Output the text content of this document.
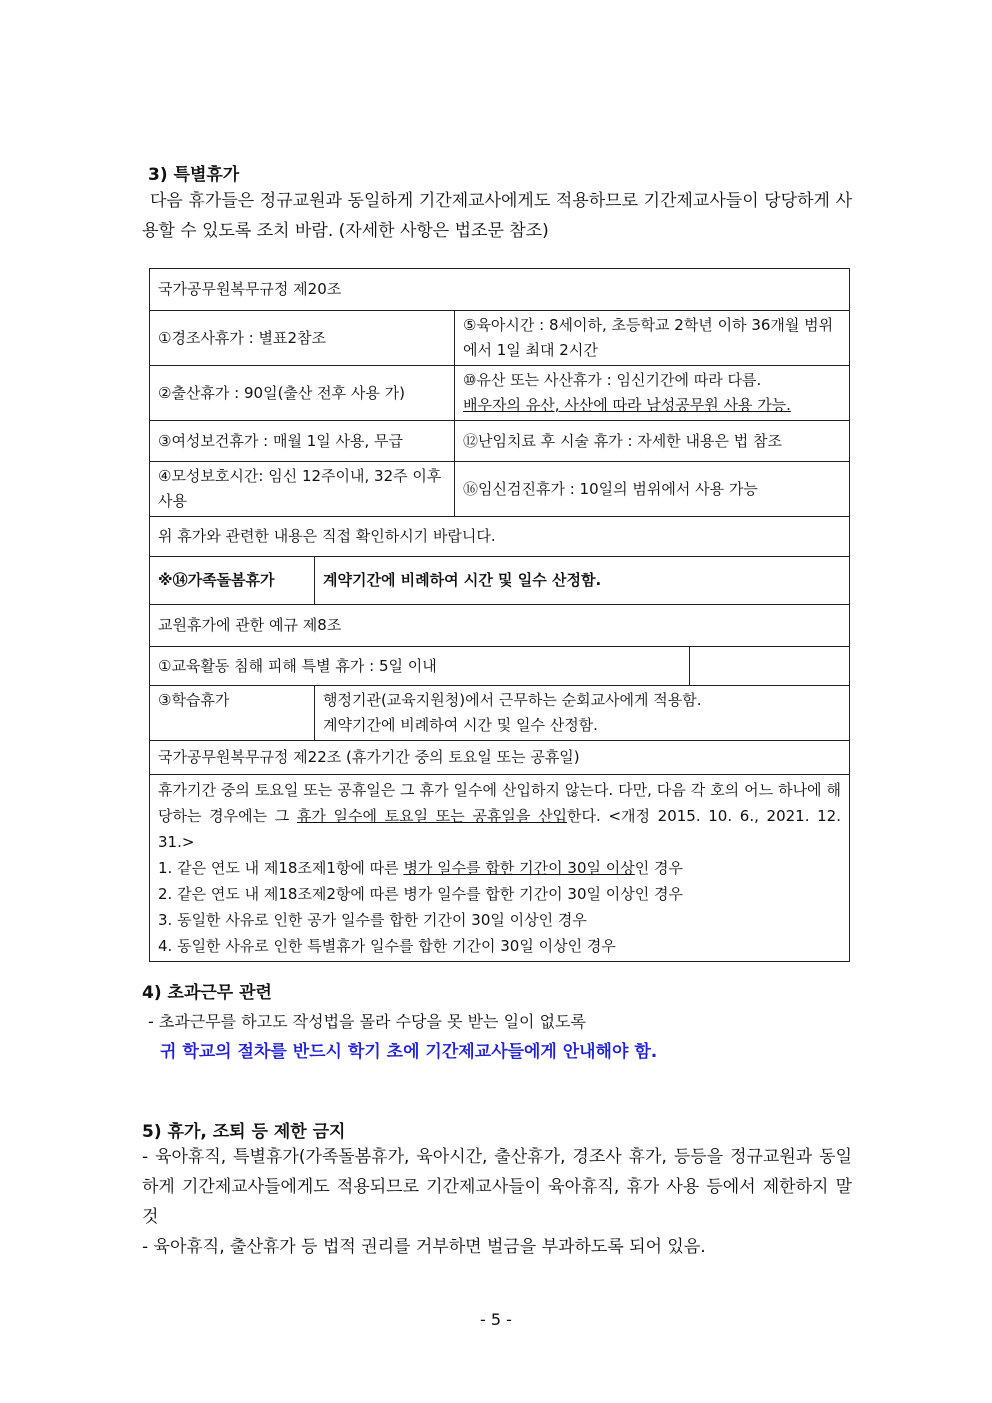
3) 특별휴가
다음 휴가들은 정규교원과 동일하게 기간제교사에게도 적용하므로 기간제교사들이 당당하게 사용할 수 있도록 조치 바람. (자세한 사항은 법조문 참조)
국가공무원복무규정 제20조			
①경조사휴가 : 별표2참조		⑤육아시간 : 8세이하, 초등학교 2학년 이하 36개월 범위에서 1일 최대 2시간	
②출산휴가 : 90일(출산 전후 사용 가)		⑩유산 또는 사산휴가 : 임신기간에 따라 다름.
배우자의 유산, 사산에 따라 남성공무원 사용 가능.	

③여성보건휴가 : 매월 1일 사용, 무급		⑫난임치료 후 시술 휴가 : 자세한 내용은 법 참조	
④모성보호시간: 임신 12주이내, 32주 이후 사용		⑯임신검진휴가 : 10일의 범위에서 사용 가능	
위 휴가와 관련한 내용은 직접 확인하시기 바랍니다.			
※⑭가족돌봄휴가	계약기간에 비례하여 시간 및 일수 산정함.		
교원휴가에 관한 예규 제8조			
①교육활동 침해 피해 특별 휴가 : 5일 이내			
③학습휴가	행정기관(교육지원청)에서 근무하는 순회교사에게 적용함.
계약기간에 비례하여 시간 및 일수 산정함.		

국가공무원복무규정 제22조 (휴가기간 중의 토요일 또는 공휴일)			

휴가기간 중의 토요일 또는 공휴일은 그 휴가 일수에 산입하지 않는다. 다만, 다음 각 호의 어느 하나에 해당하는 경우에는 그 휴가 일수에 토요일 또는 공휴일을 산입한다. <개정 2015. 10. 6., 2021. 12. 31.>
1. 같은 연도 내 제18조제1항에 따른 병가 일수를 합한 기간이 30일 이상인 경우
2. 같은 연도 내 제18조제2항에 따른 병가 일수를 합한 기간이 30일 이상인 경우
3. 동일한 사유로 인한 공가 일수를 합한 기간이 30일 이상인 경우
4. 동일한 사유로 인한 특별휴가 일수를 합한 기간이 30일 이상인 경우			
4) 초과근무 관련
- 초과근무를 하고도 작성법을 몰라 수당을 못 받는 일이 없도록
귀 학교의 절차를 반드시 학기 초에 기간제교사들에게 안내해야 함.
5) 휴가, 조퇴 등 제한 금지
- 육아휴직, 특별휴가(가족돌봄휴가, 육아시간, 출산휴가, 경조사 휴가, 등등을 정규교원과 동일하게 기간제교사들에게도 적용되므로 기간제교사들이 육아휴직, 휴가 사용 등에서 제한하지 말 것
- 육아휴직, 출산휴가 등 법적 권리를 거부하면 벌금을 부과하도록 되어 있음.
- 5 -
